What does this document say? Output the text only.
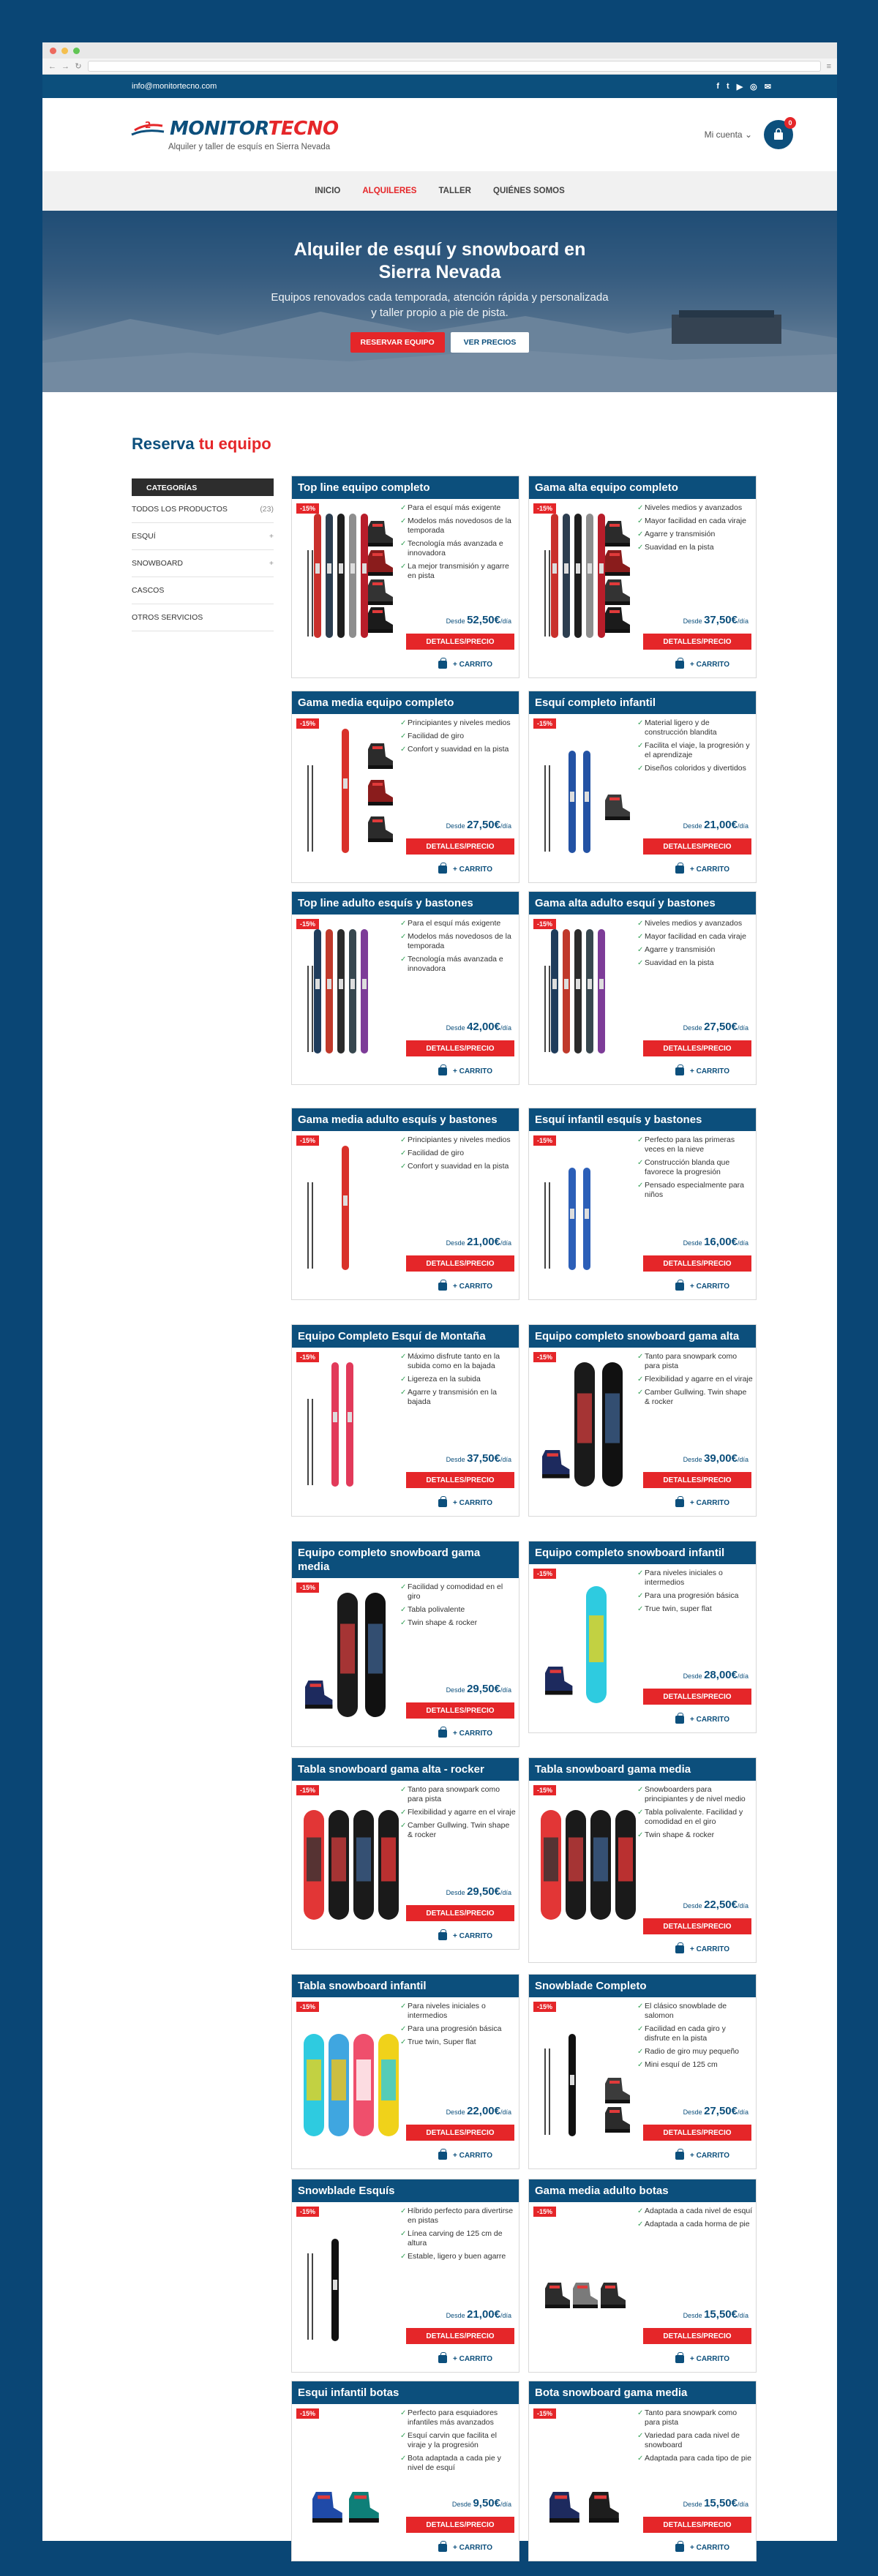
← → ↻	≡
info@monitortecno.com	f t ▶ ◎ ✉
2 MONITORTECNO
Alquiler y taller de esquís en Sierra Nevada
Mi cuenta ⌄
0
INICIO	ALQUILERES	TALLER	QUIÉNES SOMOS
Alquiler de esquí y snowboard en
Sierra Nevada

Equipos renovados cada temporada, atención rápida y personalizada
y taller propio a pie de pista.

RESERVAR EQUIPO	VER PRECIOS
Reserva tu equipo
CATEGORÍAS
TODOS LOS PRODUCTOS	(23)
ESQUÍ	+
SNOWBOARD	+
CASCOS
OTROS SERVICIOS
Top line equipo completo
-15%	✓ Para el esquí más exigente
✓ Modelos más novedosos de la temporada
✓ Tecnología más avanzada e innovadora
✓ La mejor transmisión y agarre en pista
Desde 52,50€/día
DETALLES/PRECIO
+ CARRITO
Gama alta equipo completo
-15%	✓ Niveles medios y avanzados
✓ Mayor facilidad en cada viraje
✓ Agarre y transmisión
✓ Suavidad en la pista
Desde 37,50€/día
DETALLES/PRECIO
+ CARRITO
Gama media equipo completo
-15%	✓ Principiantes y niveles medios
✓ Facilidad de giro
✓ Confort y suavidad en la pista
Desde 27,50€/día
DETALLES/PRECIO
+ CARRITO
Esquí completo infantil
-15%	✓ Material ligero y de construcción blandita
✓ Facilita el viaje, la progresión y el aprendizaje
✓ Diseños coloridos y divertidos
Desde 21,00€/día
DETALLES/PRECIO
+ CARRITO
Top line adulto esquís y bastones
-15%	✓ Para el esquí más exigente
✓ Modelos más novedosos de la temporada
✓ Tecnología más avanzada e innovadora
Desde 42,00€/día
DETALLES/PRECIO
+ CARRITO
Gama alta adulto esquí y bastones
-15%	✓ Niveles medios y avanzados
✓ Mayor facilidad en cada viraje
✓ Agarre y transmisión
✓ Suavidad en la pista
Desde 27,50€/día
DETALLES/PRECIO
+ CARRITO
Gama media adulto esquís y bastones
-15%	✓ Principiantes y niveles medios
✓ Facilidad de giro
✓ Confort y suavidad en la pista
Desde 21,00€/día
DETALLES/PRECIO
+ CARRITO
Esquí infantil esquís y bastones
-15%	✓ Perfecto para las primeras veces en la nieve
✓ Construcción blanda que favorece la progresión
✓ Pensado especialmente para niños
Desde 16,00€/día
DETALLES/PRECIO
+ CARRITO
Equipo Completo Esquí de Montaña
-15%	✓ Máximo disfrute tanto en la subida como en la bajada
✓ Ligereza en la subida
✓ Agarre y transmisión en la bajada
Desde 37,50€/día
DETALLES/PRECIO
+ CARRITO
Equipo completo snowboard gama alta
-15%	✓ Tanto para snowpark como para pista
✓ Flexibilidad y agarre en el viraje
✓ Camber Gullwing. Twin shape & rocker
Desde 39,00€/día
DETALLES/PRECIO
+ CARRITO
Equipo completo snowboard gama media
-15%	✓ Facilidad y comodidad en el giro
✓ Tabla polivalente
✓ Twin shape & rocker
Desde 29,50€/día
DETALLES/PRECIO
+ CARRITO
Equipo completo snowboard infantil
-15%	✓ Para niveles iniciales o intermedios
✓ Para una progresión básica
✓ True twin, super flat
Desde 28,00€/día
DETALLES/PRECIO
+ CARRITO
Tabla snowboard gama alta - rocker
-15%	✓ Tanto para snowpark como para pista
✓ Flexibilidad y agarre en el viraje
✓ Camber Gullwing. Twin shape & rocker
Desde 29,50€/día
DETALLES/PRECIO
+ CARRITO
Tabla snowboard gama media
-15%	✓ Snowboarders para principiantes y de nivel medio
✓ Tabla polivalente. Facilidad y comodidad en el giro
✓ Twin shape & rocker
Desde 22,50€/día
DETALLES/PRECIO
+ CARRITO
Tabla snowboard infantil
-15%	✓ Para niveles iniciales o intermedios
✓ Para una progresión básica
✓ True twin, Super flat
Desde 22,00€/día
DETALLES/PRECIO
+ CARRITO
Snowblade Completo
-15%	✓ El clásico snowblade de salomon
✓ Facilidad en cada giro y disfrute en la pista
✓ Radio de giro muy pequeño
✓ Mini esquí de 125 cm
Desde 27,50€/día
DETALLES/PRECIO
+ CARRITO
Snowblade Esquís
-15%	✓ Híbrido perfecto para divertirse en pistas
✓ Línea carving de 125 cm de altura
✓ Estable, ligero y buen agarre
Desde 21,00€/día
DETALLES/PRECIO
+ CARRITO
Gama media adulto botas
-15%	✓ Adaptada a cada nivel de esquí
✓ Adaptada a cada horma de pie
Desde 15,50€/día
DETALLES/PRECIO
+ CARRITO
Esqui infantil botas
-15%	✓ Perfecto para esquiadores infantiles más avanzados
✓ Esquí carvin que facilita el viraje y la progresión
✓ Bota adaptada a cada pie y nivel de esquí
Desde 9,50€/día
DETALLES/PRECIO
+ CARRITO
Bota snowboard gama media
-15%	✓ Tanto para snowpark como para pista
✓ Variedad para cada nivel de snowboard
✓ Adaptada para cada tipo de pie
Desde 15,50€/día
DETALLES/PRECIO
+ CARRITO
